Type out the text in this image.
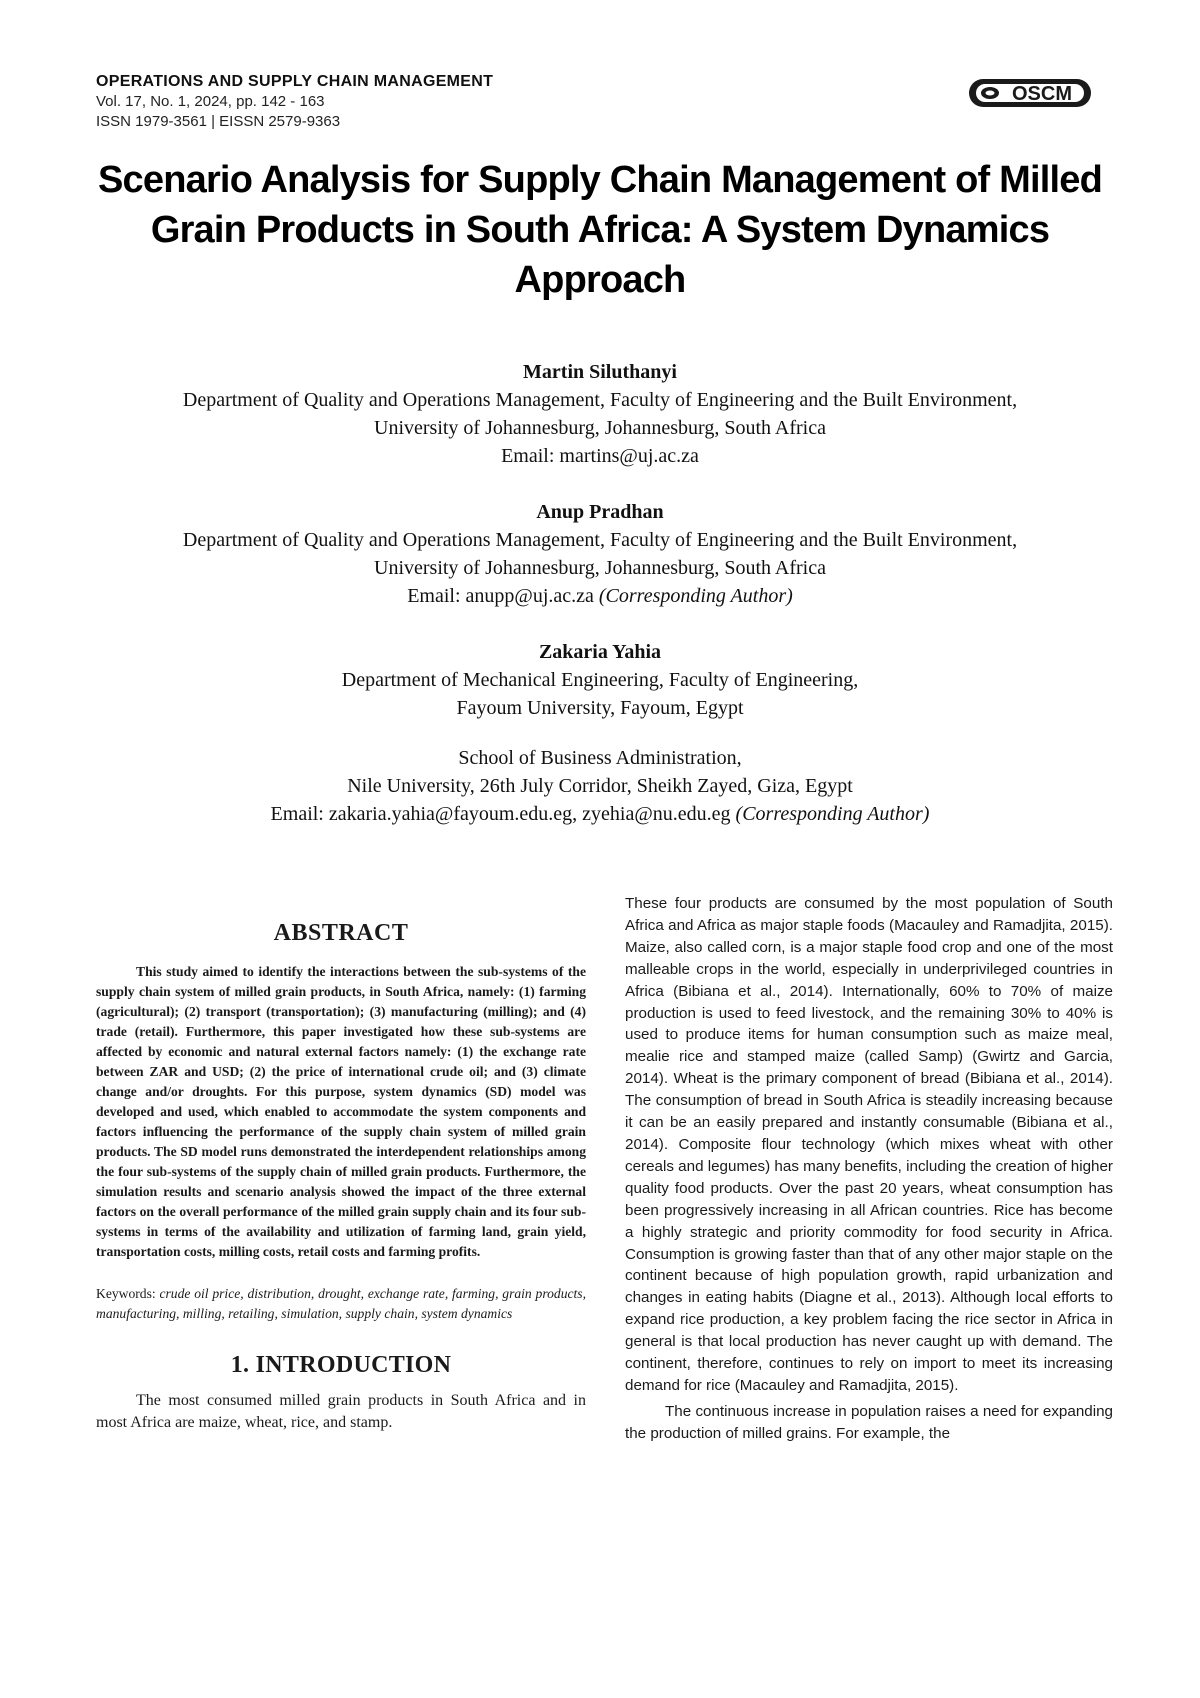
OPERATIONS AND SUPPLY CHAIN MANAGEMENT
Vol. 17, No. 1, 2024, pp. 142 - 163
ISSN 1979-3561 | EISSN 2579-9363
OSCM
Scenario Analysis for Supply Chain Management of Milled Grain Products in South Africa: A System Dynamics Approach
Martin Siluthanyi
Department of Quality and Operations Management, Faculty of Engineering and the Built Environment,
University of Johannesburg, Johannesburg, South Africa
Email: martins@uj.ac.za
Anup Pradhan
Department of Quality and Operations Management, Faculty of Engineering and the Built Environment,
University of Johannesburg, Johannesburg, South Africa
Email: anupp@uj.ac.za (Corresponding Author)
Zakaria Yahia
Department of Mechanical Engineering, Faculty of Engineering,
Fayoum University, Fayoum, Egypt
School of Business Administration,
Nile University, 26th July Corridor, Sheikh Zayed, Giza, Egypt
Email: zakaria.yahia@fayoum.edu.eg, zyehia@nu.edu.eg (Corresponding Author)
ABSTRACT

This study aimed to identify the interactions between the sub-systems of the supply chain system of milled grain products, in South Africa, namely: (1) farming (agricultural); (2) transport (transportation); (3) manufacturing (milling); and (4) trade (retail). Furthermore, this paper investigated how these sub-systems are affected by economic and natural external factors namely: (1) the exchange rate between ZAR and USD; (2) the price of international crude oil; and (3) climate change and/or droughts. For this purpose, system dynamics (SD) model was developed and used, which enabled to accommodate the system components and factors influencing the performance of the supply chain system of milled grain products. The SD model runs demonstrated the interdependent relationships among the four sub-systems of the supply chain of milled grain products. Furthermore, the simulation results and scenario analysis showed the impact of the three external factors on the overall performance of the milled grain supply chain and its four sub-systems in terms of the availability and utilization of farming land, grain yield, transportation costs, milling costs, retail costs and farming profits.

Keywords: crude oil price, distribution, drought, exchange rate, farming, grain products, manufacturing, milling, retailing, simulation, supply chain, system dynamics

1. INTRODUCTION

The most consumed milled grain products in South Africa and in most Africa are maize, wheat, rice, and stamp.

These four products are consumed by the most population of South Africa and Africa as major staple foods (Macauley and Ramadjita, 2015). Maize, also called corn, is a major staple food crop and one of the most malleable crops in the world, especially in underprivileged countries in Africa (Bibiana et al., 2014). Internationally, 60% to 70% of maize production is used to feed livestock, and the remaining 30% to 40% is used to produce items for human consumption such as maize meal, mealie rice and stamped maize (called Samp) (Gwirtz and Garcia, 2014). Wheat is the primary component of bread (Bibiana et al., 2014). The consumption of bread in South Africa is steadily increasing because it can be an easily prepared and instantly consumable (Bibiana et al., 2014). Composite flour technology (which mixes wheat with other cereals and legumes) has many benefits, including the creation of higher quality food products. Over the past 20 years, wheat consumption has been progressively increasing in all African countries. Rice has become a highly strategic and priority commodity for food security in Africa. Consumption is growing faster than that of any other major staple on the continent because of high population growth, rapid urbanization and changes in eating habits (Diagne et al., 2013). Although local efforts to expand rice production, a key problem facing the rice sector in Africa in general is that local production has never caught up with demand. The continent, therefore, continues to rely on import to meet its increasing demand for rice (Macauley and Ramadjita, 2015).

The continuous increase in population raises a need for expanding the production of milled grains. For example, the
